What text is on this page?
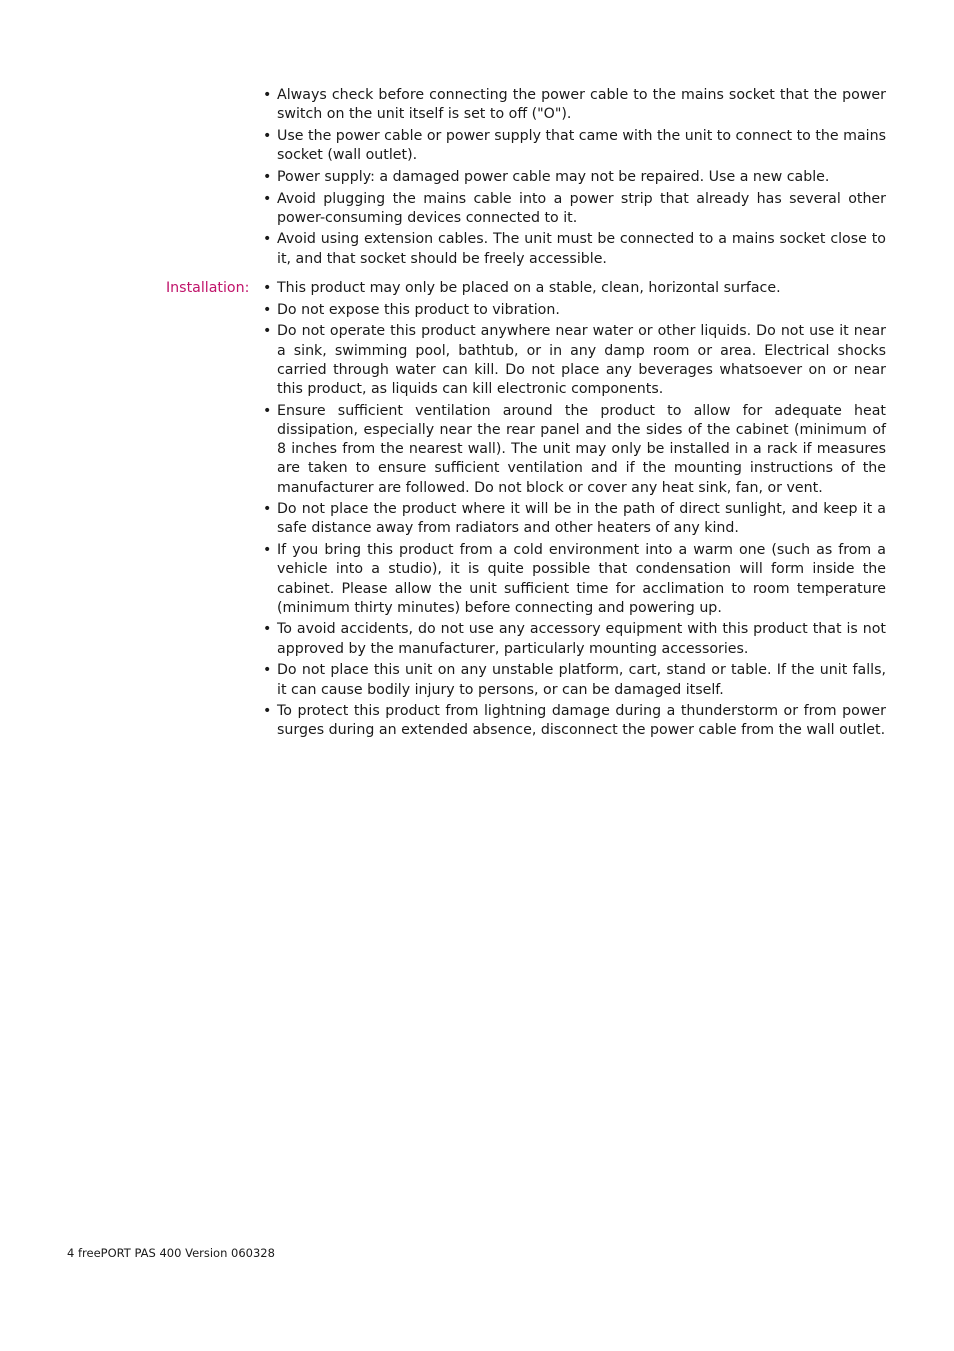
• Always check before connecting the power cable to the mains socket that the power switch on the unit itself is set to off ("O").
• Use the power cable or power supply that came with the unit to connect to the mains socket (wall outlet).
• Power supply: a damaged power cable may not be repaired. Use a new cable.
• Avoid plugging the mains cable into a power strip that already has several other power-consuming devices connected to it.
• Avoid using extension cables. The unit must be connected to a mains socket close to it, and that socket should be freely accessible.
Installation:
•	This product may only be placed on a stable, clean, horizontal surface.
• Do not expose this product to vibration.
• Do not operate this product anywhere near water or other liquids. Do not use it near a sink, swimming pool, bathtub, or in any damp room or area. Electrical shocks carried through water can kill. Do not place any beverages whatsoever on or near this product, as liquids can kill electronic components.
• Ensure sufficient ventilation around the product to allow for adequate heat dissipation, especially near the rear panel and the sides of the cabinet (minimum of 8 inches from the nearest wall). The unit may only be installed in a rack if measures are taken to ensure sufficient ventilation and if the mounting instructions of the manufacturer are followed. Do not block or cover any heat sink, fan, or vent.
• Do not place the product where it will be in the path of direct sunlight, and keep it a safe distance away from radiators and other heaters of any kind.
• If you bring this product from a cold environment into a warm one (such as from a vehicle into a studio), it is quite possible that condensation will form inside the cabinet. Please allow the unit sufficient time for acclimation to room temperature (minimum thirty minutes) before connecting and powering up.
• To avoid accidents, do not use any accessory equipment with this product that is not approved by the manufacturer, particularly mounting accessories.
• Do not place this unit on any unstable platform, cart, stand or table. If the unit falls, it can cause bodily injury to persons, or can be damaged itself.
• To protect this product from lightning damage during a thunderstorm or from power surges during an extended absence, disconnect the power cable from the wall outlet.
4 freePORT PAS 400 Version 060328
